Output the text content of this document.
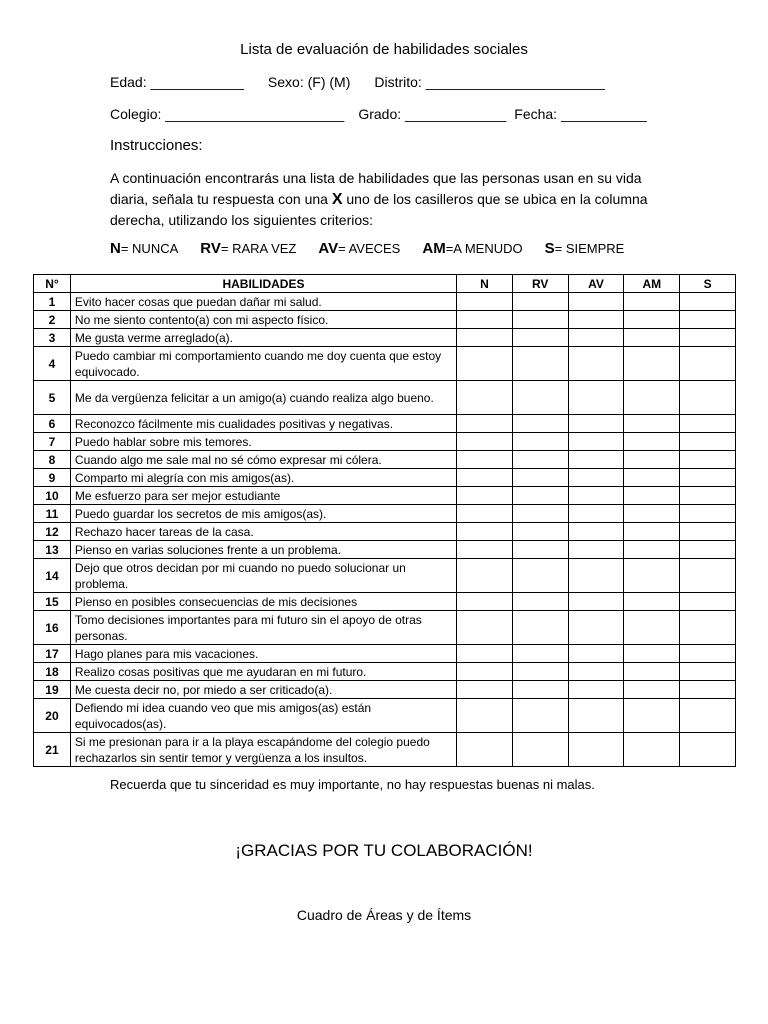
Lista de evaluación de habilidades sociales
Edad: ____________ Sexo: (F) (M) Distrito: _______________________
Colegio: _______________________ Grado: _____________ Fecha: ___________
Instrucciones:
A continuación encontrarás una lista de habilidades que las personas usan en su vida diaria, señala tu respuesta con una X uno de los casilleros que se ubica en la columna derecha, utilizando los siguientes criterios:
N= NUNCA RV= RARA VEZ AV= AVECES AM=A MENUDO S= SIEMPRE
N°	HABILIDADES	N	RV	AV	AM	S
1	Evito hacer cosas que puedan dañar mi salud.					
2	No me siento contento(a) con mi aspecto físico.					
3	Me gusta verme arreglado(a).					
4	Puedo cambiar mi comportamiento cuando me doy cuenta que estoy equivocado.					
5	Me da vergüenza felicitar a un amigo(a) cuando realiza algo bueno.					
6	Reconozco fácilmente mis cualidades positivas y negativas.					
7	Puedo hablar sobre mis temores.					
8	Cuando algo me sale mal no sé cómo expresar mi cólera.					
9	Comparto mi alegría con mis amigos(as).					
10	Me esfuerzo para ser mejor estudiante					
11	Puedo guardar los secretos de mis amigos(as).					
12	Rechazo hacer tareas de la casa.					
13	Pienso en varias soluciones frente a un problema.					
14	Dejo que otros decidan por mi cuando no puedo solucionar un problema.					
15	Pienso en posibles consecuencias de mis decisiones					
16	Tomo decisiones importantes para mi futuro sin el apoyo de otras personas.					
17	Hago planes para mis vacaciones.					
18	Realizo cosas positivas que me ayudaran en mi futuro.					
19	Me cuesta decir no, por miedo a ser criticado(a).					
20	Defiendo mi idea cuando veo que mis amigos(as) están equivocados(as).					
21	Si me presionan para ir a la playa escapándome del colegio puedo rechazarlos sin sentir temor y vergüenza a los insultos.					
Recuerda que tu sinceridad es muy importante, no hay respuestas buenas ni malas.
¡GRACIAS POR TU COLABORACIÓN!
Cuadro de Áreas y de Ítems
